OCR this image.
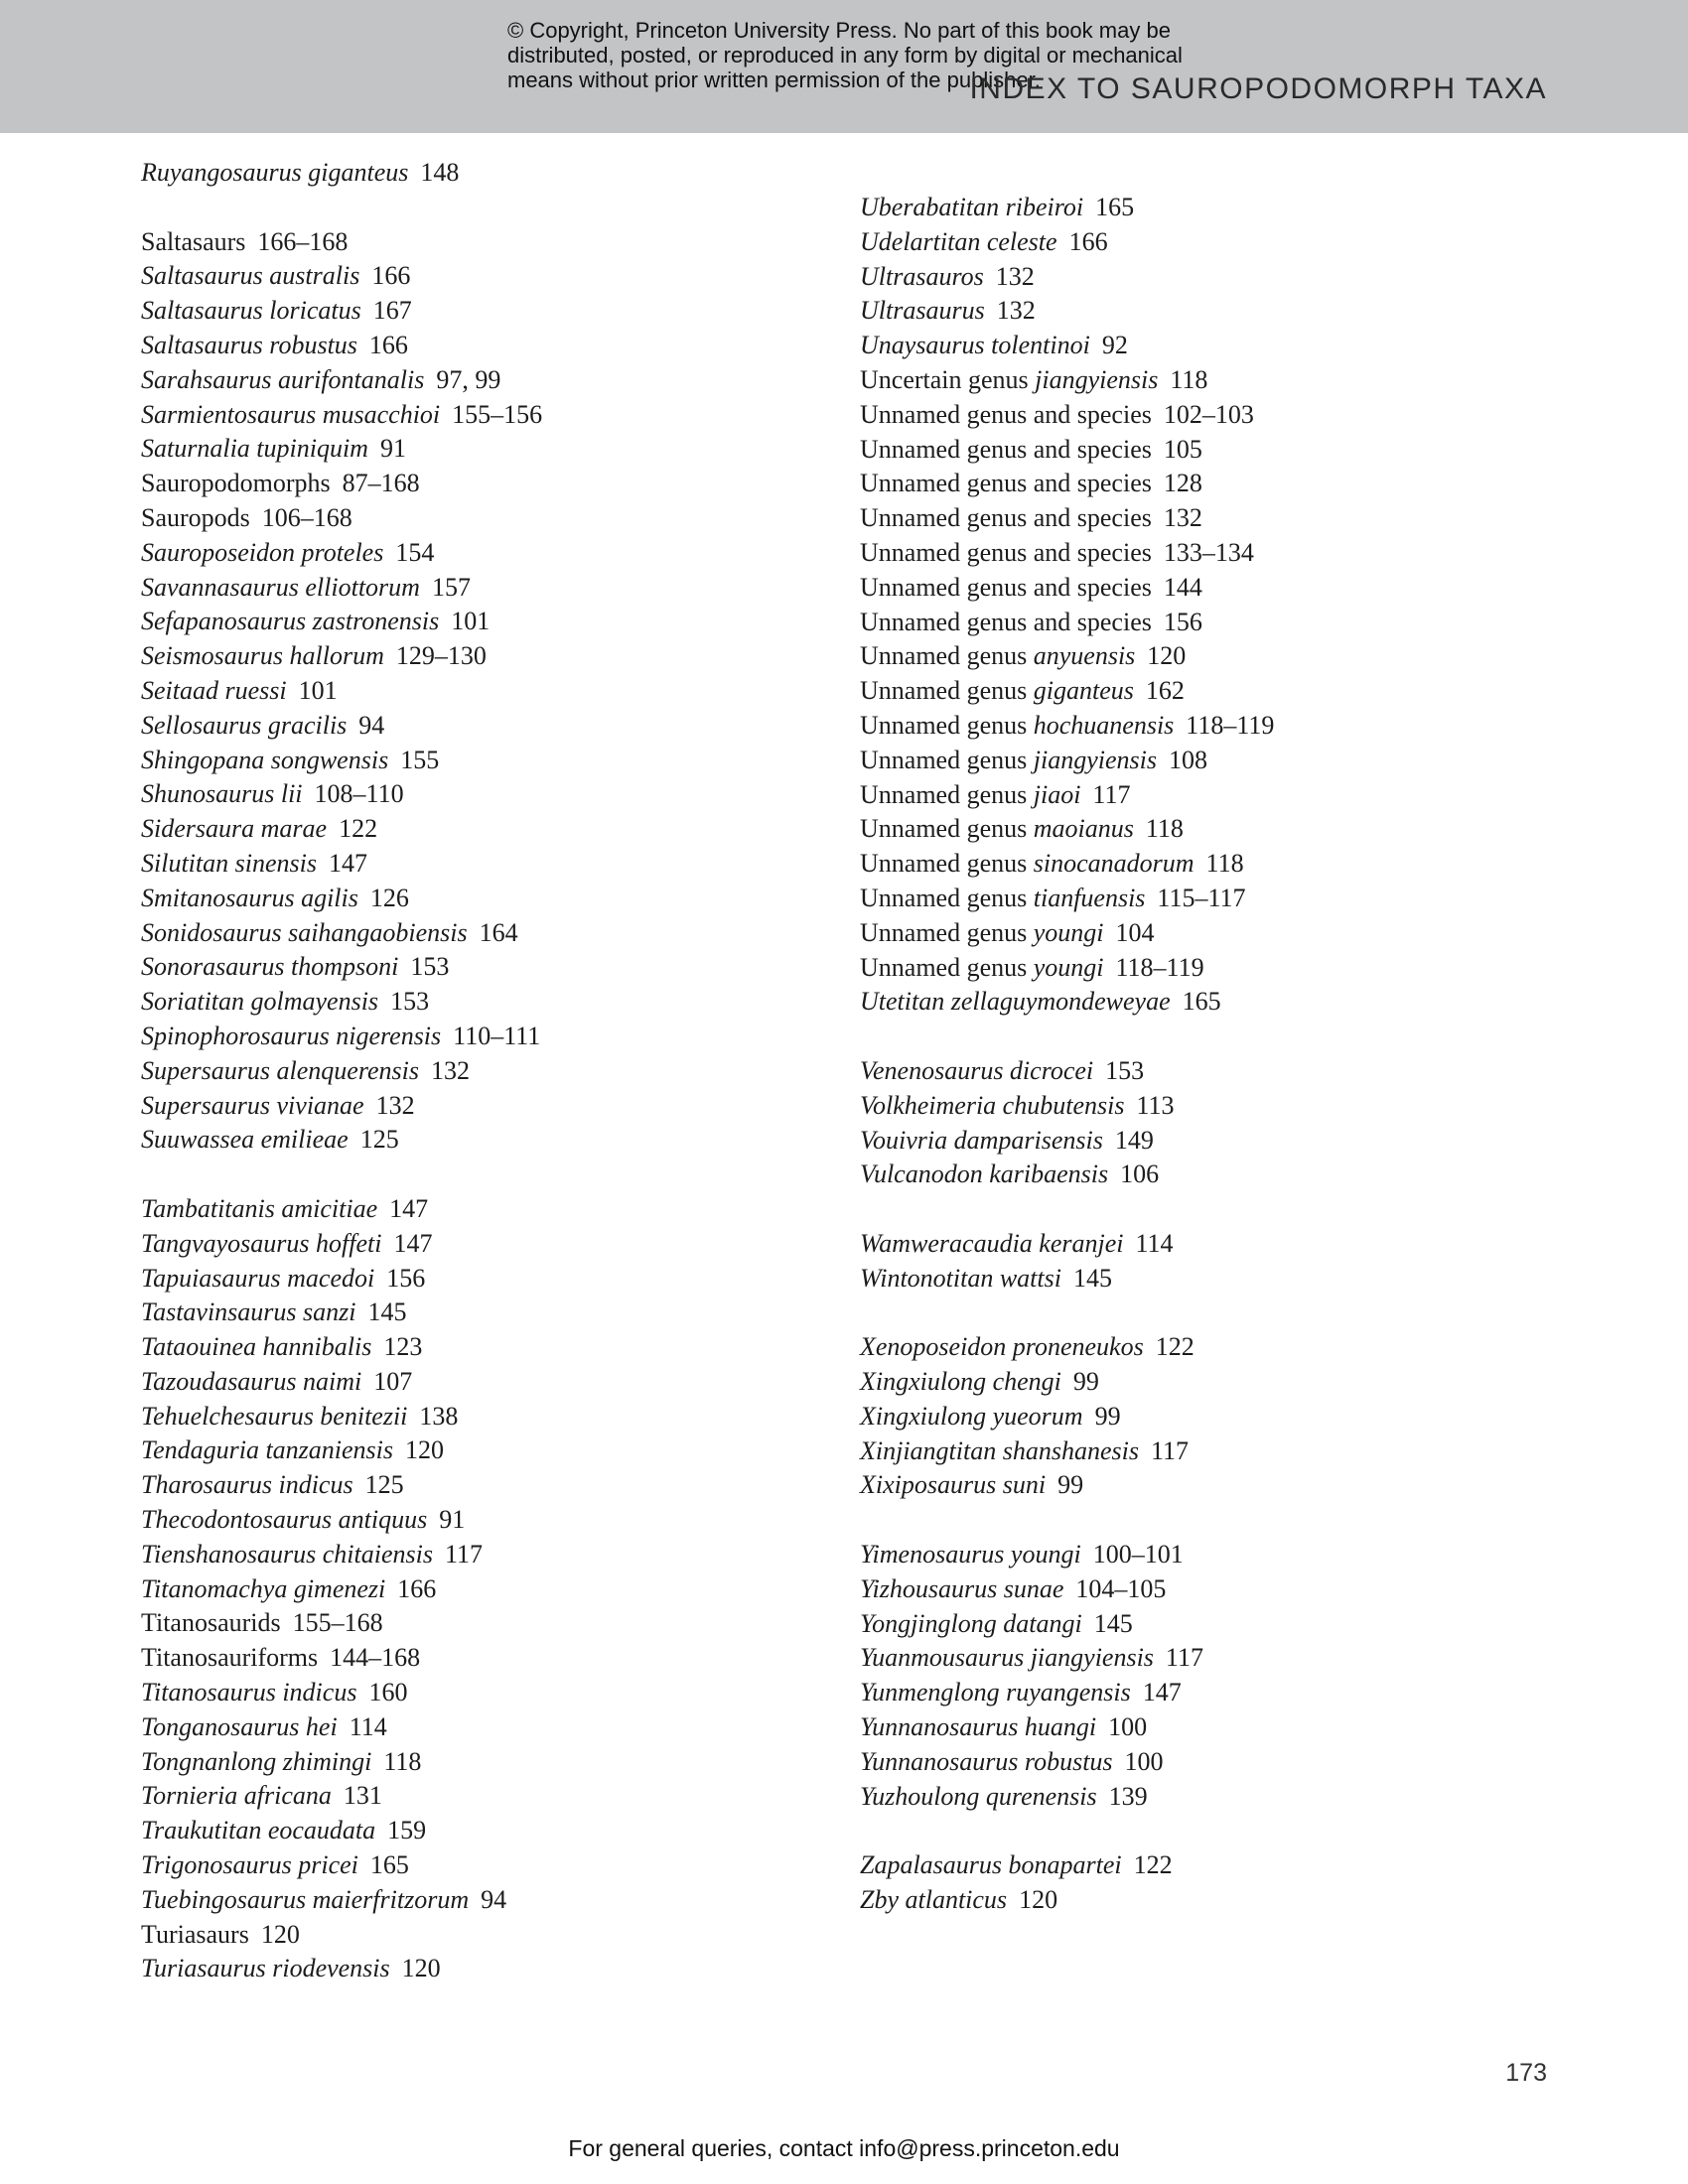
© Copyright, Princeton University Press. No part of this book may be
distributed, posted, or reproduced in any form by digital or mechanical
means without prior written permission of the publisher.
INDEX TO SAUROPODOMORPH TAXA
Ruyangosaurus giganteus 148
Saltasaurs 166–168
Saltasaurus australis 166
Saltasaurus loricatus 167
Saltasaurus robustus 166
Sarahsaurus aurifontanalis 97, 99
Sarmientosaurus musacchioi 155–156
Saturnalia tupiniquim 91
Sauropodomorphs 87–168
Sauropods 106–168
Sauroposeidon proteles 154
Savannasaurus elliottorum 157
Sefapanosaurus zastronensis 101
Seismosaurus hallorum 129–130
Seitaad ruessi 101
Sellosaurus gracilis 94
Shingopana songwensis 155
Shunosaurus lii 108–110
Sidersaura marae 122
Silutitan sinensis 147
Smitanosaurus agilis 126
Sonidosaurus saihangaobiensis 164
Sonorasaurus thompsoni 153
Soriatitan golmayensis 153
Spinophorosaurus nigerensis 110–111
Supersaurus alenquerensis 132
Supersaurus vivianae 132
Suuwassea emilieae 125
Tambatitanis amicitiae 147
Tangvayosaurus hoffeti 147
Tapuiasaurus macedoi 156
Tastavinsaurus sanzi 145
Tataouinea hannibalis 123
Tazoudasaurus naimi 107
Tehuelchesaurus benitezii 138
Tendaguria tanzaniensis 120
Tharosaurus indicus 125
Thecodontosaurus antiquus 91
Tienshanosaurus chitaiensis 117
Titanomachya gimenezi 166
Titanosaurids 155–168
Titanosauriforms 144–168
Titanosaurus indicus 160
Tonganosaurus hei 114
Tongnanlong zhimingi 118
Tornieria africana 131
Traukutitan eocaudata 159
Trigonosaurus pricei 165
Tuebingosaurus maierfritzorum 94
Turiasaurs 120
Turiasaurus riodevensis 120
Uberabatitan ribeiroi 165
Udelartitan celeste 166
Ultrasauros 132
Ultrasaurus 132
Unaysaurus tolentinoi 92
Uncertain genus jiangyiensis 118
Unnamed genus and species 102–103
Unnamed genus and species 105
Unnamed genus and species 128
Unnamed genus and species 132
Unnamed genus and species 133–134
Unnamed genus and species 144
Unnamed genus and species 156
Unnamed genus anyuensis 120
Unnamed genus giganteus 162
Unnamed genus hochuanensis 118–119
Unnamed genus jiangyiensis 108
Unnamed genus jiaoi 117
Unnamed genus maoianus 118
Unnamed genus sinocanadorum 118
Unnamed genus tianfuensis 115–117
Unnamed genus youngi 104
Unnamed genus youngi 118–119
Utetitan zellaguymondeweyae 165
Venenosaurus dicrocei 153
Volkheimeria chubutensis 113
Vouivria damparisensis 149
Vulcanodon karibaensis 106
Wamweracaudia keranjei 114
Wintonotitan wattsi 145
Xenoposeidon proneneukos 122
Xingxiulong chengi 99
Xingxiulong yueorum 99
Xinjiangtitan shanshanesis 117
Xixiposaurus suni 99
Yimenosaurus youngi 100–101
Yizhousaurus sunae 104–105
Yongjinglong datangi 145
Yuanmousaurus jiangyiensis 117
Yunmenglong ruyangensis 147
Yunnanosaurus huangi 100
Yunnanosaurus robustus 100
Yuzhoulong qurenensis 139
Zapalasaurus bonapartei 122
Zby atlanticus 120
173
For general queries, contact info@press.princeton.edu
